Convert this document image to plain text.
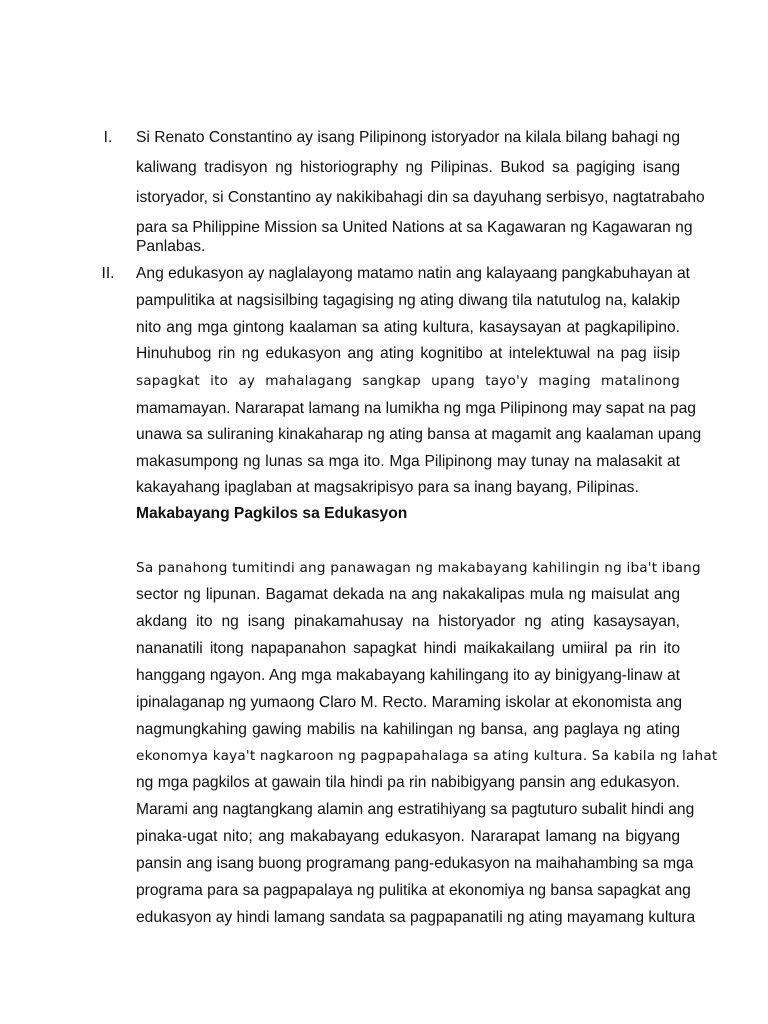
I.	Si Renato Constantino ay isang Pilipinong istoryador na kilala bilang bahagi ng
kaliwang tradisyon ng historiography ng Pilipinas. Bukod sa pagiging isang
istoryador, si Constantino ay nakikibahagi din sa dayuhang serbisyo, nagtatrabaho
para sa Philippine Mission sa United Nations at sa Kagawaran ng Kagawaran ng
Panlabas.
II.	Ang edukasyon ay naglalayong matamo natin ang kalayaang pangkabuhayan at
pampulitika at nagsisilbing tagagising ng ating diwang tila natutulog na, kalakip
nito ang mga gintong kaalaman sa ating kultura, kasaysayan at pagkapilipino.
Hinuhubog rin ng edukasyon ang ating kognitibo at intelektuwal na pag iisip
sapagkat ito ay mahalagang sangkap upang tayo'y maging matalinong
mamamayan. Nararapat lamang na lumikha ng mga Pilipinong may sapat na pag
unawa sa suliraning kinakaharap ng ating bansa at magamit ang kaalaman upang
makasumpong ng lunas sa mga ito. Mga Pilipinong may tunay na malasakit at
kakayahang ipaglaban at magsakripisyo para sa inang bayang, Pilipinas.
Makabayang Pagkilos sa Edukasyon
Sa panahong tumitindi ang panawagan ng makabayang kahilingin ng iba't ibang
sector ng lipunan. Bagamat dekada na ang nakakalipas mula ng maisulat ang
akdang ito ng isang pinakamahusay na historyador ng ating kasaysayan,
nananatili itong napapanahon sapagkat hindi maikakailang umiiral pa rin ito
hanggang ngayon. Ang mga makabayang kahilingang ito ay binigyang-linaw at
ipinalaganap ng yumaong Claro M. Recto. Maraming iskolar at ekonomista ang
nagmungkahing gawing mabilis na kahilingan ng bansa, ang paglaya ng ating
ekonomya kaya't nagkaroon ng pagpapahalaga sa ating kultura. Sa kabila ng lahat
ng mga pagkilos at gawain tila hindi pa rin nabibigyang pansin ang edukasyon.
Marami ang nagtangkang alamin ang estratihiyang sa pagtuturo subalit hindi ang
pinaka-ugat nito; ang makabayang edukasyon. Nararapat lamang na bigyang
pansin ang isang buong programang pang-edukasyon na maihahambing sa mga
programa para sa pagpapalaya ng pulitika at ekonomiya ng bansa sapagkat ang
edukasyon ay hindi lamang sandata sa pagpapanatili ng ating mayamang kultura
